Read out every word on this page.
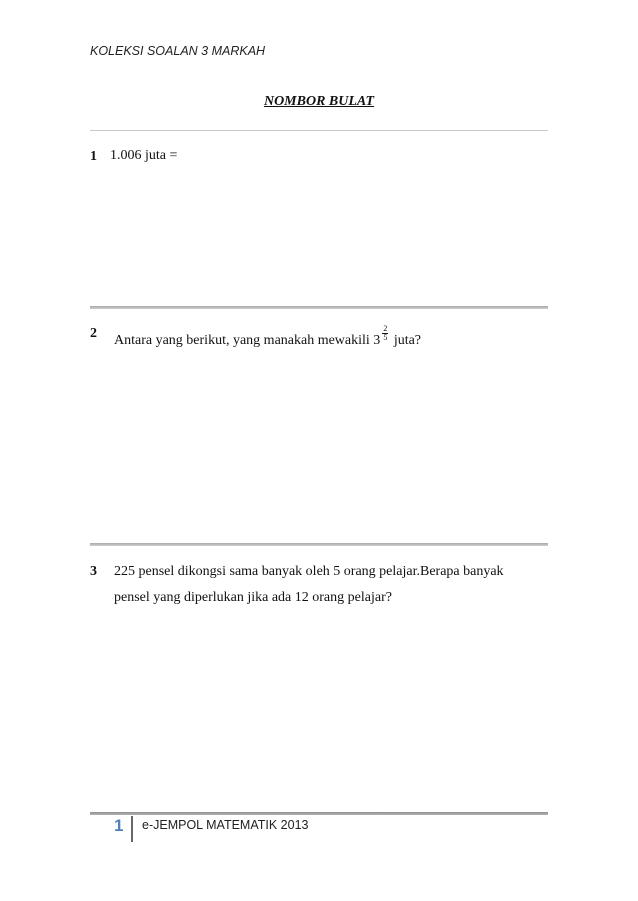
KOLEKSI SOALAN 3 MARKAH
NOMBOR BULAT
1 1.006 juta =
2 Antara yang berikut, yang manakah mewakili $3 \frac{2}{5}$ juta?
3 225 pensel dikongsi sama banyak oleh 5 orang pelajar.Berapa banyak
pensel yang diperlukan jika ada 12 orang pelajar?
1 e-JEMPOL MATEMATIK 2013
